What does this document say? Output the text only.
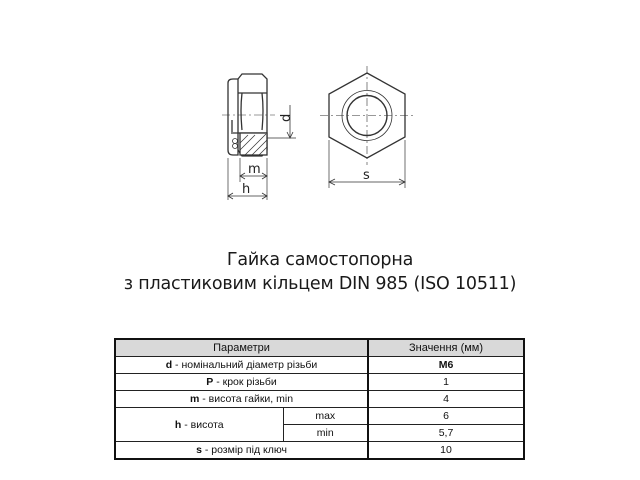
d
m
h
s
Гайка самостопорна
з пластиковим кільцем DIN 985 (ISO 10511)
Параметри		Значення (мм)
d - номінальний діаметр різьби		M6
P - крок різьби		1
m - висота гайки, min		4
h - висота	max	6
	min	5,7
s - розмір під ключ		10
